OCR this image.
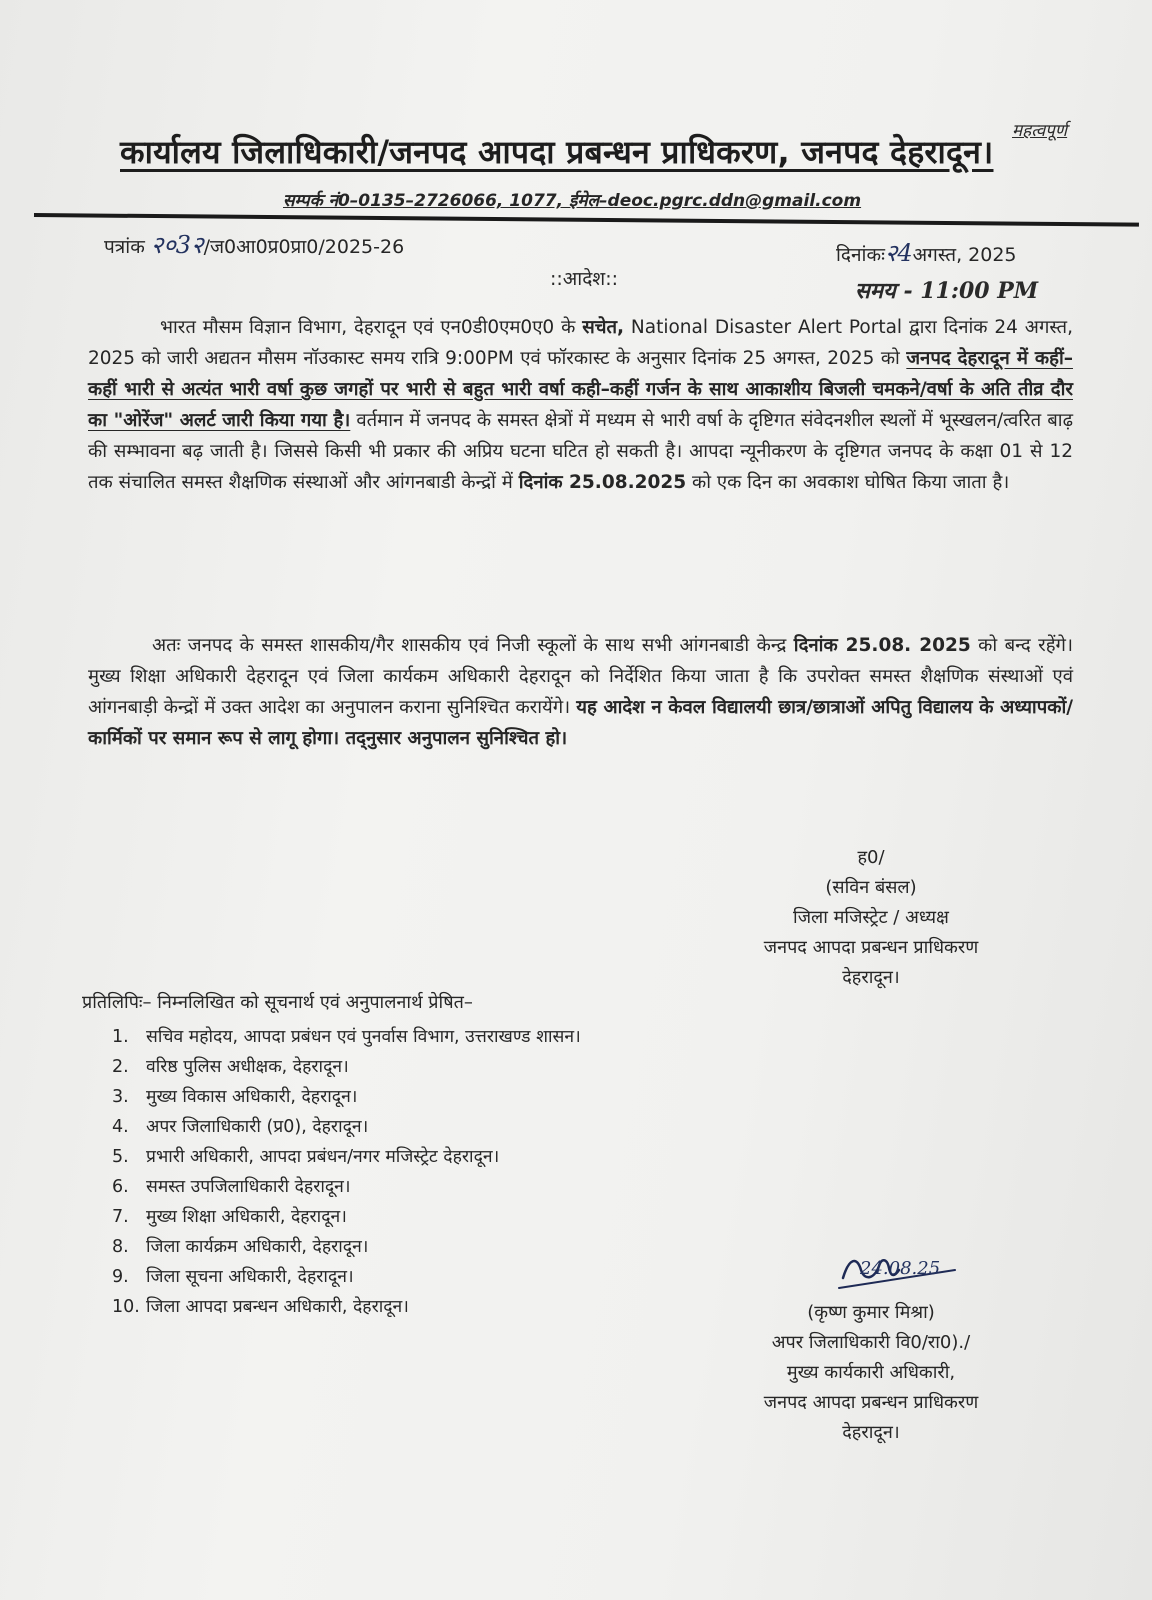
महत्वपूर्ण
कार्यालय जिलाधिकारी/जनपद आपदा प्रबन्धन प्राधिकरण, जनपद देहरादून।
सम्पर्क नं0–0135–2726066, 1077, ईमेल–deoc.pgrc.ddn@gmail.com
पत्रांक २०3२/ज0आ0प्र0प्रा0/2025-26	दिनांकः२4अगस्त, 2025
::आदेश::	समय - 11:00 PM

भारत मौसम विज्ञान विभाग, देहरादून एवं एन0डी0एम0ए0 के सचेत, National Disaster Alert Portal द्वारा दिनांक 24 अगस्त, 2025 को जारी अद्यतन मौसम नॉउकास्ट समय रात्रि 9:00PM एवं फॉरकास्ट के अनुसार दिनांक 25 अगस्त, 2025 को जनपद देहरादून में कहीं–कहीं भारी से अत्यंत भारी वर्षा कुछ जगहों पर भारी से बहुत भारी वर्षा कही–कहीं गर्जन के साथ आकाशीय बिजली चमकने/वर्षा के अति तीव्र दौर का "ओरेंज" अलर्ट जारी किया गया है। वर्तमान में जनपद के समस्त क्षेत्रों में मध्यम से भारी वर्षा के दृष्टिगत संवेदनशील स्थलों में भूस्खलन/त्वरित बाढ़ की सम्भावना बढ़ जाती है। जिससे किसी भी प्रकार की अप्रिय घटना घटित हो सकती है। आपदा न्यूनीकरण के दृष्टिगत जनपद के कक्षा 01 से 12 तक संचालित समस्त शैक्षणिक संस्थाओं और आंगनबाडी केन्द्रों में दिनांक 25.08.2025 को एक दिन का अवकाश घोषित किया जाता है।

अतः जनपद के समस्त शासकीय/गैर शासकीय एवं निजी स्कूलों के साथ सभी आंगनबाडी केन्द्र दिनांक 25.08. 2025 को बन्द रहेंगे। मुख्य शिक्षा अधिकारी देहरादून एवं जिला कार्यकम अधिकारी देहरादून को निर्देशित किया जाता है कि उपरोक्त समस्त शैक्षणिक संस्थाओं एवं आंगनबाड़ी केन्द्रों में उक्त आदेश का अनुपालन कराना सुनिश्चित करायेंगे। यह आदेश न केवल विद्यालयी छात्र/छात्राओं अपितु विद्यालय के अध्यापकों/कार्मिकों पर समान रूप से लागू होगा। तद्नुसार अनुपालन सुनिश्चित हो।

ह0/
(सविन बंसल)
जिला मजिस्ट्रेट / अध्यक्ष
जनपद आपदा प्रबन्धन प्राधिकरण
देहरादून।
प्रतिलिपिः– निम्नलिखित को सूचनार्थ एवं अनुपालनार्थ प्रेषित–
1. सचिव महोदय, आपदा प्रबंधन एवं पुनर्वास विभाग, उत्तराखण्ड शासन।
2. वरिष्ठ पुलिस अधीक्षक, देहरादून।
3. मुख्य विकास अधिकारी, देहरादून।
4. अपर जिलाधिकारी (प्र0), देहरादून।
5. प्रभारी अधिकारी, आपदा प्रबंधन/नगर मजिस्ट्रेट देहरादून।
6. समस्त उपजिलाधिकारी देहरादून।
7. मुख्य शिक्षा अधिकारी, देहरादून।
8. जिला कार्यक्रम अधिकारी, देहरादून।
9. जिला सूचना अधिकारी, देहरादून।
10. जिला आपदा प्रबन्धन अधिकारी, देहरादून।
24.08.25
(कृष्ण कुमार मिश्रा)
अपर जिलाधिकारी वि0/रा0)./
मुख्य कार्यकारी अधिकारी,
जनपद आपदा प्रबन्धन प्राधिकरण
देहरादून।
